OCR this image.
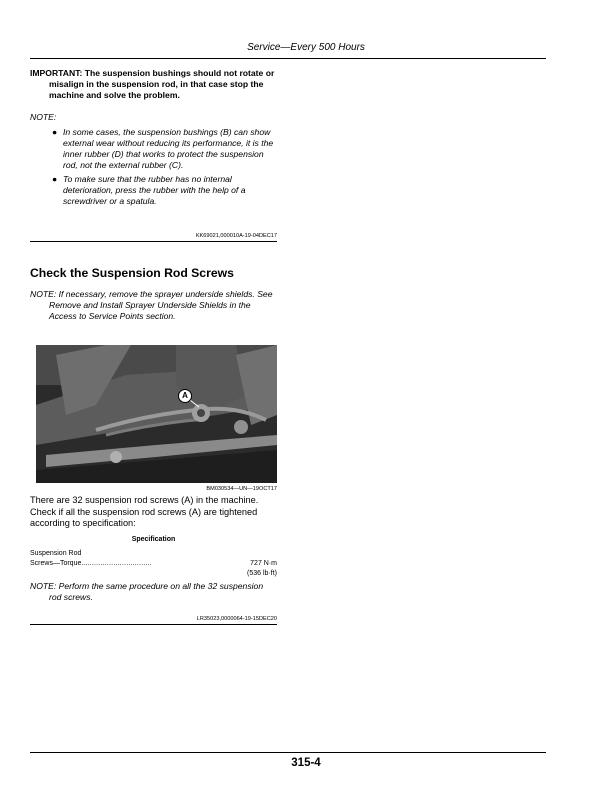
Service—Every 500 Hours
IMPORTANT: The suspension bushings should not rotate or misalign in the suspension rod, in that case stop the machine and solve the problem.
NOTE:
● In some cases, the suspension bushings (B) can show external wear without reducing its performance, it is the inner rubber (D) that works to protect the suspension rod, not the external rubber (C).
● To make sure that the rubber has no internal deterioration, press the rubber with the help of a screwdriver or a spatula.
KK69021,000010A-19-04DEC17
Check the Suspension Rod Screws
NOTE: If necessary, remove the sprayer underside shields. See Remove and Install Sprayer Underside Shields in the Access to Service Points section.
A
BM030534—UN—19OCT17
There are 32 suspension rod screws (A) in the machine. Check if all the suspension rod screws (A) are tightened according to specification:
Specification
Suspension Rod
Screws—Torque.................................	727 N·m
(536 lb·ft)
NOTE: Perform the same procedure on all the 32 suspension rod screws.
LR35023,0000064-19-15DEC20
315-4
